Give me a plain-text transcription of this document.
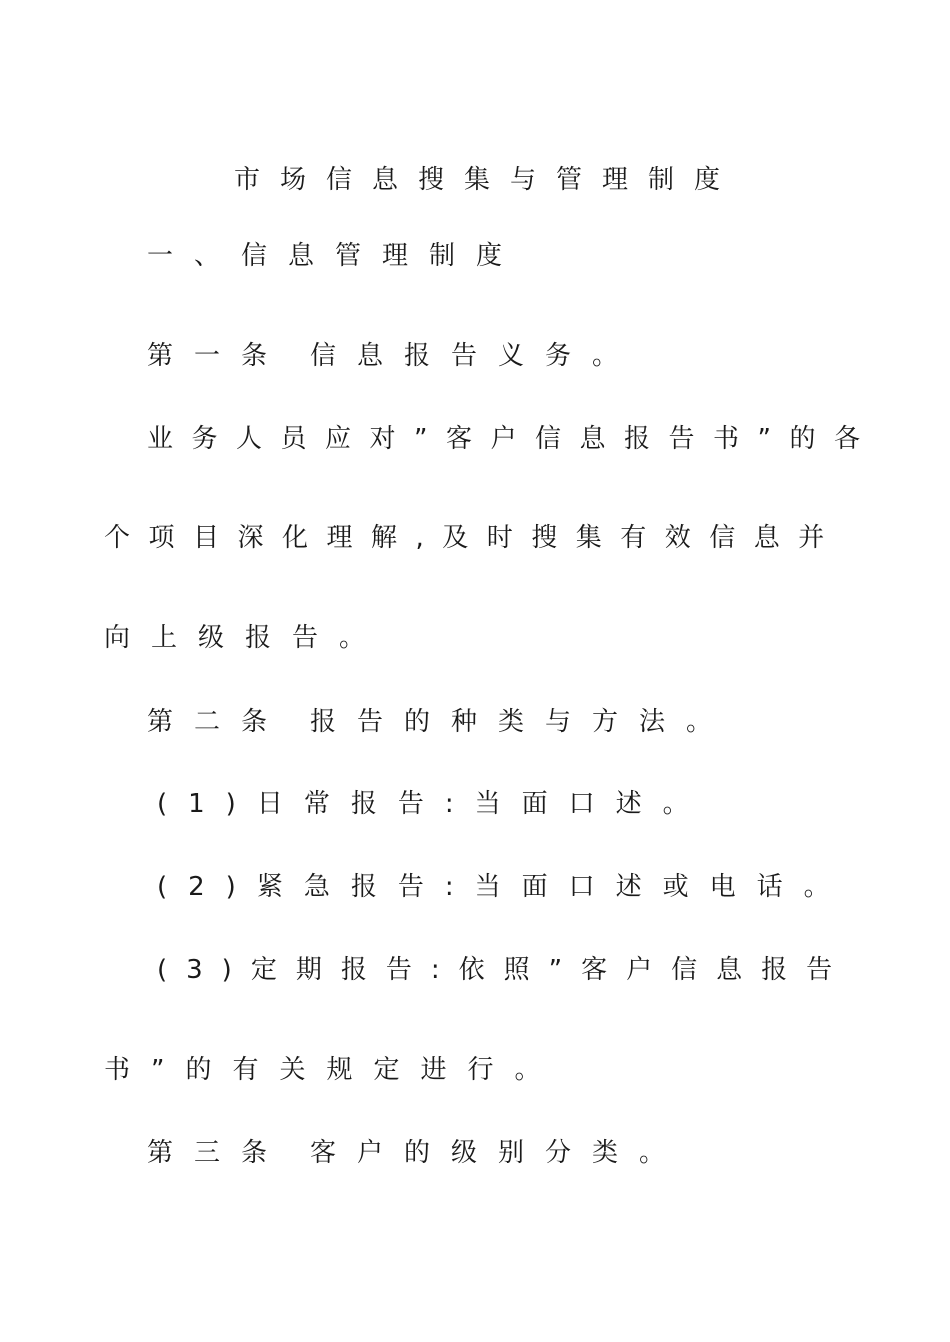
市场信息搜集与管理制度
一、信息管理制度
第一条 信息报告义务。
业务人员应对”客户信息报告书”的各
个项目深化理解,及时搜集有效信息并
向上级报告。
第二条 报告的种类与方法。
(1)日常报告:当面口述。
(2)紧急报告:当面口述或电话。
(3)定期报告:依照”客户信息报告
书”的有关规定进行。
第三条 客户的级别分类。
